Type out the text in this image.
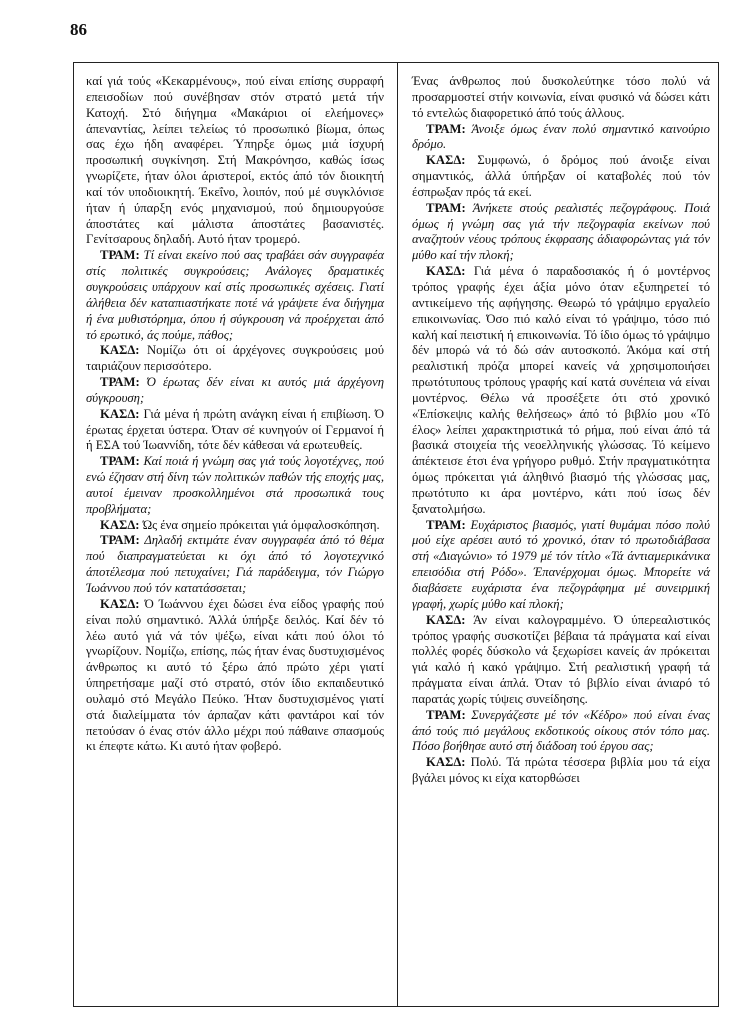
86

καί γιά τούς «Κεκαρμένους», πού είναι επίσης συρραφή επεισοδίων πού συνέβησαν στόν στρατό μετά τήν Κατοχή. Στό διήγημα «Μακάριοι οί ελεήμονες» άπεναντίας, λείπει τελείως τό προσωπικό βίωμα, όπως σας έχω ήδη αναφέρει. Ύπηρξε όμως μιά ίσχυρή προσωπική συγκίνηση. Στή Μακρόνησο, καθώς ίσως γνωρίζετε, ήταν όλοι άριστεροί, εκτός άπό τόν διοικητή καί τόν υποδιοικητή. Έκεΐνο, λοιπόν, πού μέ συγκλόνισε ήταν ή ύπαρξη ενός μηχανισμού, πού δημιουργούσε άποστάτες καί μάλιστα άποστάτες βασανιστές. Γενίτσαρους δηλαδή. Αυτό ήταν τρομερό.

ΤΡΑΜ: Τί είναι εκείνο πού σας τραβάει σάν συγγραφέα στίς πολιτικές συγκρούσεις; Ανάλογες δραματικές συγκρούσεις υπάρχουν καί στίς προσωπικές σχέσεις. Γιατί άλήθεια δέν καταπιαστήκατε ποτέ νά γράψετε ένα διήγημα ή ένα μυθιστόρημα, όπου ή σύγκρουση νά προέρχεται άπό τό ερωτικό, άς πούμε, πάθος;

ΚΑΣΔ: Νομίζω ότι οί άρχέγονες συγκρούσεις μού ταιριάζουν περισσότερο.

ΤΡΑΜ: Ό έρωτας δέν είναι κι αυτός μιά άρχέγονη σύγκρουση;

ΚΑΣΔ: Γιά μένα ή πρώτη ανάγκη είναι ή επιβίωση. Ό έρωτας έρχεται ύστερα. Όταν σέ κυνηγούν οί Γερμανοί ή ή ΕΣΑ τού Ίωαννίδη, τότε δέν κάθεσαι νά ερωτευθείς.

ΤΡΑΜ: Καί ποιά ή γνώμη σας γιά τούς λογοτέχνες, πού ενώ έζησαν στή δίνη τών πολιτικών παθών τής εποχής μας, αυτοί έμειναν προσκολλημένοι στά προσωπικά τους προβλήματα;

ΚΑΣΔ: Ώς ένα σημείο πρόκειται γιά όμφαλοσκόπηση.

ΤΡΑΜ: Δηλαδή εκτιμάτε έναν συγγραφέα άπό τό θέμα πού διαπραγματεύεται κι όχι άπό τό λογοτεχνικό άποτέλεσμα πού πετυχαίνει; Γιά παράδειγμα, τόν Γιώργο Ίωάννου πού τόν κατατάσσεται;

ΚΑΣΔ: Ό Ίωάννου έχει δώσει ένα είδος γραφής πού είναι πολύ σημαντικό. Άλλά ύπήρξε δειλός. Καί δέν τό λέω αυτό γιά νά τόν ψέξω, είναι κάτι πού όλοι τό γνωρίζουν. Νομίζω, επίσης, πώς ήταν ένας δυστυχισμένος άνθρωπος κι αυτό τό ξέρω άπό πρώτο χέρι γιατί ύπηρετήσαμε μαζί στό στρατό, στόν ίδιο εκπαιδευτικό ουλαμό στό Μεγάλο Πεύκο. Ήταν δυστυχισμένος γιατί στά διαλείμματα τόν άρπαζαν κάτι φαντάροι καί τόν πετούσαν ό ένας στόν άλλο μέχρι πού πάθαινε σπασμούς κι έπεφτε κάτω. Κι αυτό ήταν φοβερό.

Ένας άνθρωπος πού δυσκολεύτηκε τόσο πολύ νά προσαρμοστεί στήν κοινωνία, είναι φυσικό νά δώσει κάτι τό εντελώς διαφορετικό άπό τούς άλλους.

ΤΡΑΜ: Άνοιξε όμως έναν πολύ σημαντικό καινούριο δρόμο.

ΚΑΣΔ: Συμφωνώ, ό δρόμος πού άνοιξε είναι σημαντικός, άλλά ύπήρξαν οί καταβολές πού τόν έσπρωξαν πρός τά εκεί.

ΤΡΑΜ: Άνήκετε στούς ρεαλιστές πεζογράφους. Ποιά όμως ή γνώμη σας γιά τήν πεζογραφία εκείνων πού αναζητούν νέους τρόπους έκφρασης άδιαφορώντας γιά τόν μύθο καί τήν πλοκή;

ΚΑΣΔ: Γιά μένα ό παραδοσιακός ή ό μοντέρνος τρόπος γραφής έχει άξία μόνο όταν εξυπηρετεί τό αντικείμενο τής αφήγησης. Θεωρώ τό γράψιμο εργαλείο επικοινωνίας. Όσο πιό καλό είναι τό γράψιμο, τόσο πιό καλή καί πειστική ή επικοινωνία. Τό ίδιο όμως τό γράψιμο δέν μπορώ νά τό δώ σάν αυτοσκοπό. Άκόμα καί στή ρεαλιστική πρόζα μπορεί κανείς νά χρησιμοποιήσει πρωτότυπους τρόπους γραφής καί κατά συνέπεια νά είναι μοντέρνος. Θέλω νά προσέξετε ότι στό χρονικό «Έπίσκεψις καλής θελήσεως» άπό τό βιβλίο μου «Τό έλος» λείπει χαρακτηριστικά τό ρήμα, πού είναι άπό τά βασικά στοιχεία τής νεοελληνικής γλώσσας. Τό κείμενο άπέκτεισε έτσι ένα γρήγορο ρυθμό. Στήν πραγματικότητα όμως πρόκειται γιά άληθινό βιασμό τής γλώσσας μας, πρωτότυπο κι άρα μοντέρνο, κάτι πού ίσως δέν ξανατολμήσω.

ΤΡΑΜ: Ευχάριστος βιασμός, γιατί θυμάμαι πόσο πολύ μού είχε αρέσει αυτό τό χρονικό, όταν τό πρωτοδιάβασα στή «Διαγώνιο» τό 1979 μέ τόν τίτλο «Τά άντιαμερικάνικα επεισόδια στή Ρόδο». Έπανέρχομαι όμως. Μπορείτε νά διαβάσετε ευχάριστα ένα πεζογράφημα μέ συνειρμική γραφή, χωρίς μύθο καί πλοκή;

ΚΑΣΔ: Άν είναι καλογραμμένο. Ό ύπερεαλιστικός τρόπος γραφής συσκοτίζει βέβαια τά πράγματα καί είναι πολλές φορές δύσκολο νά ξεχωρίσει κανείς άν πρόκειται γιά καλό ή κακό γράψιμο. Στή ρεαλιστική γραφή τά πράγματα είναι άπλά. Όταν τό βιβλίο είναι άνιαρό τό παρατάς χωρίς τύψεις συνείδησης.

ΤΡΑΜ: Συνεργάζεστε μέ τόν «Κέδρο» πού είναι ένας άπό τούς πιό μεγάλους εκδοτικούς οίκους στόν τόπο μας. Πόσο βοήθησε αυτό στή διάδοση τού έργου σας;

ΚΑΣΔ: Πολύ. Τά πρώτα τέσσερα βιβλία μου τά είχα βγάλει μόνος κι είχα κατορθώσει
